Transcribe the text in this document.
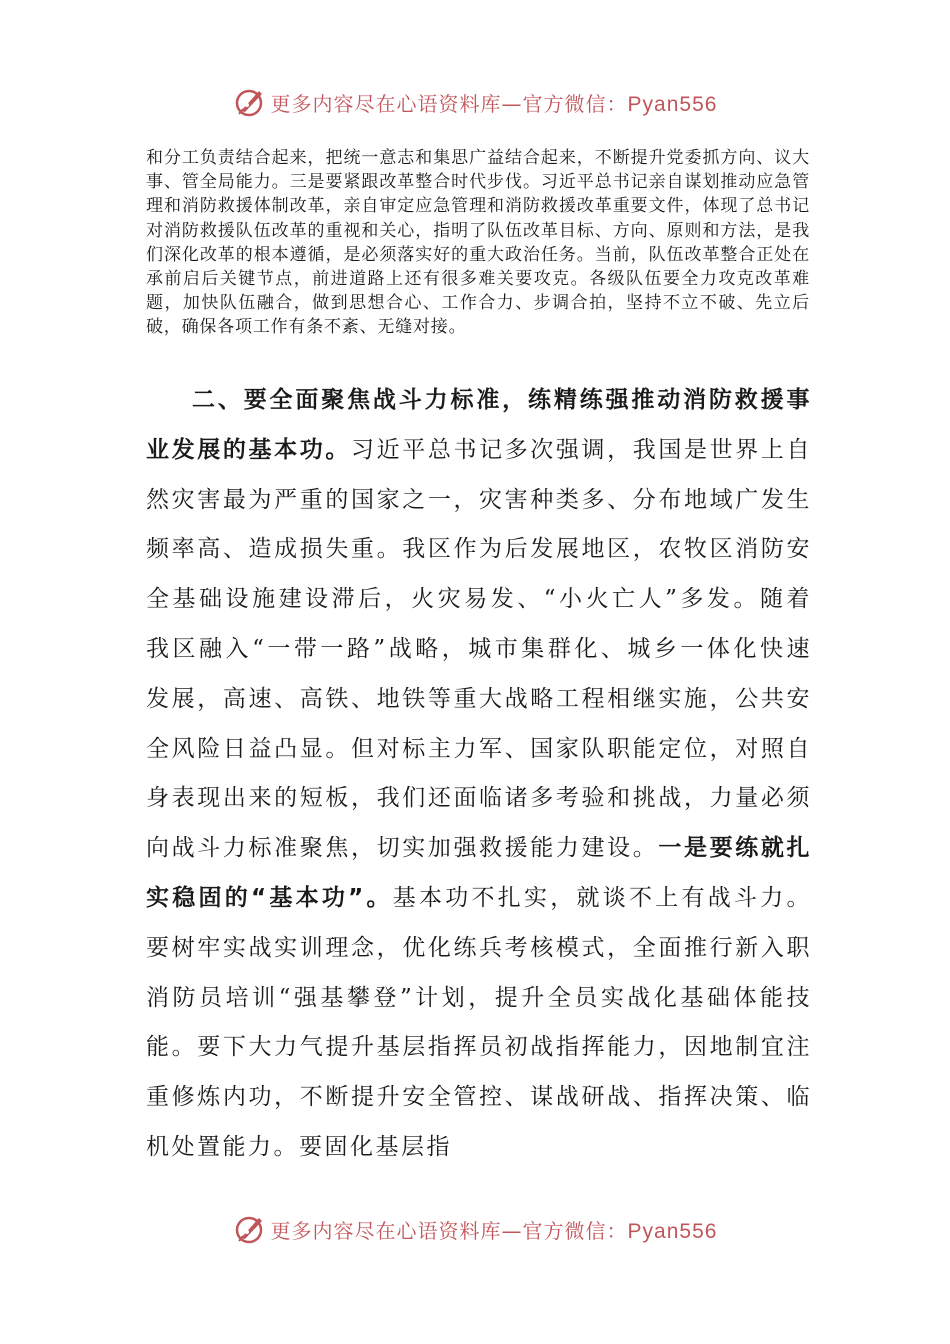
更多内容尽在心语资料库—官方微信：Pyan556

和分工负责结合起来，把统一意志和集思广益结合起来，不断提升党委抓方向、议大事、管全局能力。三是要紧跟改革整合时代步伐。习近平总书记亲自谋划推动应急管理和消防救援体制改革，亲自审定应急管理和消防救援改革重要文件，体现了总书记对消防救援队伍改革的重视和关心，指明了队伍改革目标、方向、原则和方法，是我们深化改革的根本遵循，是必须落实好的重大政治任务。当前，队伍改革整合正处在承前启后关键节点，前进道路上还有很多难关要攻克。各级队伍要全力攻克改革难题，加快队伍融合，做到思想合心、工作合力、步调合拍，坚持不立不破、先立后破，确保各项工作有条不紊、无缝对接。

二、要全面聚焦战斗力标准，练精练强推动消防救援事业发展的基本功。习近平总书记多次强调，我国是世界上自然灾害最为严重的国家之一，灾害种类多、分布地域广发生频率高、造成损失重。我区作为后发展地区，农牧区消防安全基础设施建设滞后，火灾易发、“小火亡人”多发。随着我区融入“一带一路”战略，城市集群化、城乡一体化快速发展，高速、高铁、地铁等重大战略工程相继实施，公共安全风险日益凸显。但对标主力军、国家队职能定位，对照自身表现出来的短板，我们还面临诸多考验和挑战，力量必须向战斗力标准聚焦，切实加强救援能力建设。一是要练就扎实稳固的“基本功”。基本功不扎实，就谈不上有战斗力。要树牢实战实训理念，优化练兵考核模式，全面推行新入职消防员培训“强基攀登”计划，提升全员实战化基础体能技能。要下大力气提升基层指挥员初战指挥能力，因地制宜注重修炼内功，不断提升安全管控、谋战研战、指挥决策、临机处置能力。要固化基层指

更多内容尽在心语资料库—官方微信：Pyan556
